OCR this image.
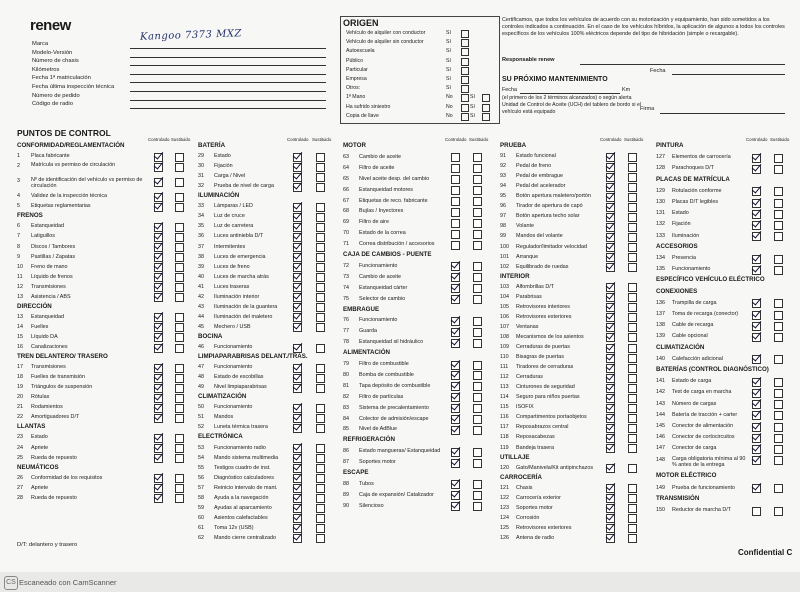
renew
Marca
Modelo-Versión
Número de chasis
Kilómetros
Fecha 1ª matriculación
Fecha última inspección técnica
Número de pedido
Código de radio
Kangoo 7373 MXZ
ORIGEN
Vehículo de alquiler con conductor	Sí
Vehículo de alquiler sin conductor	Sí
Autoescuela	Sí
Público	Sí
Particular	Sí
Empresa	Sí
Otros:	Sí
1ª Mano	No	Sí
Ha sufrido siniestro	No	Sí
Copia de llave	No	Sí
Certificamos, que todos los vehículos de acuerdo con su motorización y equipamiento, han sido sometidos a los controles indicados a continuación. En el caso de los vehículos híbridos, la aplicación de algunos a todos los controles específicos de los vehículos 100% eléctricos depende del tipo de hibridación (simple o recargable).
Responsable renew
Fecha
SU PRÓXIMO MANTENIMIENTO
Fecha	Km
(el primero de los 2 términos alcanzados) o según alerta Unidad de Control de Aceite (UCH) del tablero de bordo si el vehículo está equipado	Firma
PUNTOS DE CONTROL
Controlado Sustituido
CONFORMIDAD/REGLAMENTACIÓN
1 Placa fabricante
2 Matrícula vs permiso de circulación
3 Nº de identificación del vehículo vs permiso de circulación
4 Validez de la inspección técnica
5 Etiquetas reglamentarias
FRENOS
6 Estanqueidad
7 Latiguillos
8 Discos / Tambores
9 Pastillas / Zapatas
10 Freno de mano
11 Líquido de frenos
12 Transmisiones
13 Asistencia / ABS
DIRECCIÓN
13 Estanqueidad
14 Fuelles
15 Líquido DA
16 Canalizaciones
TREN DELANTERO/ TRASERO
17 Transmisiones
18 Fuelles de transmisión
19 Triángulos de suspensión
20 Rótulas
21 Rodamientos
22 Amortiguadores D/T
LLANTAS
23 Estado
24 Apriete
25 Rueda de repuesto
NEUMÁTICOS
26 Conformidad de los requisitos
27 Apriete
28 Rueda de repuesto
Controlado Sustituido
BATERÍA
29 Estado
30 Fijación
31 Carga / Nivel
32 Prueba de nivel de carga
ILUMINACIÓN
33 Lámparas / LED
34 Luz de cruce
35 Luz de carretera
36 Luces antiniebla D/T
37 Intermitentes
38 Luces de emergencia
39 Luces de freno
40 Luces de marcha atrás
41 Luces traseras
42 Iluminación interior
43 Iluminación de la guantera
44 Iluminación del maletero
45 Mechero / USB
BOCINA
46 Funcionamiento
LIMPIAPARABRISAS DELANT./TRAS.
47 Funcionamiento
48 Estado de escobillas
49 Nivel limpiaparabrisas
CLIMATIZACIÓN
50 Funcionamiento
51 Mandos
52 Luneta térmica trasera
ELECTRÓNICA
53 Funcionamiento radio
54 Mando sistema multimedia
55 Testigos cuadro de inst.
56 Diagnóstico calculadores
57 Reinicio intervalo de mant.
58 Ayuda a la navegación
59 Ayudas al aparcamiento
60 Asientos calefactables
61 Toma 12v (USB)
62 Mando cierre centralizado
Controlado Sustituido
MOTOR
63 Cambio de aceite
64 Filtro de aceite
65 Nivel aceite desp. del cambio
66 Estanqueidad motores
67 Etiquetas de reco. fabricante
68 Bujías / Inyectores
69 Filtro de aire
70 Estado de la correa
71 Correa distribución / accesorios
CAJA DE CAMBIOS - PUENTE
72 Funcionamiento
73 Cambio de aceite
74 Estanqueidad cárter
75 Selector de cambio
EMBRAGUE
76 Funcionamiento
77 Guarda
78 Estanqueidad sil hidráulico
ALIMENTACIÓN
79 Filtro de combustible
80 Bomba de combustible
81 Tapa depósito de combustible
82 Filtro de partículas
83 Sistema de precalentamiento
84 Colector de admisión/escape
85 Nivel de AdBlue
REFRIGERACIÓN
86 Estado mangueras/ Estanqueidad
87 Soportes motor
ESCAPE
88 Tubos
89 Caja de expansión/ Catalizador
90 Silencioso
Controlado Sustituido
PRUEBA
91 Estado funcional
92 Pedal de freno
93 Pedal de embrague
94 Pedal del acelerador
95 Botón apertura maletero/portón
96 Tirador de apertura de capó
97 Botón apertura techo solar
98 Volante
99 Mandos del volante
100 Regulador/limitador velocidad
101 Arranque
102 Equilibrado de ruedas
INTERIOR
103 Alfombrillas D/T
104 Parabrisas
105 Retrovisores interiores
106 Retrovisores exteriores
107 Ventanas
108 Mecanismos de los asientos
109 Cerraduras de puertas
110 Bisagras de puertas
111 Tiradores de cerraduras
112 Cerraduras
113 Cinturones de seguridad
114 Seguro para niños puertas
115 ISOFIX
116 Compartimentos portaobjetos
117 Reposabrazos central
118 Reposacabezas
119 Bandeja trasera
UTILLAJE
120 Gato/Manivela/Kit antipinchazos
CARROCERÍA
121 Chasis
122 Carrocería exterior
123 Soportes motor
124 Corrosión
125 Retrovisores exteriores
126 Antena de radio
Controlado Sustituido
PINTURA
127 Elementos de carrocería
128 Parachoques D/T
PLACAS DE MATRÍCULA
129 Rotulación conforme
130 Placas D/T legibles
131 Estado
132 Fijación
133 Iluminación
ACCESORIOS
134 Presencia
135 Funcionamiento
ESPECÍFICO VEHÍCULO ELÉCTRICO
CONEXIONES
136 Trampilla de carga
137 Toma de recarga (conector)
138 Cable de recarga
139 Cable opcional
CLIMATIZACIÓN
140 Calefacción adicional
BATERÍAS (CONTROL DIAGNÓSTICO)
141 Estado de carga
142 Test de carga en marcha
143 Número de cargas
144 Batería de tracción + carter
145 Conector de alimentación
146 Conector de cortocircuitos
147 Conector de carga
148 Carga obligatoria mínima al 90 % antes de la entrega
MOTOR ELÉCTRICO
149 Prueba de funcionamiento
TRANSMISIÓN
150 Reductor de marcha D/T
D/T: delantero y trasero
Confidential C
CS Escaneado con CamScanner
